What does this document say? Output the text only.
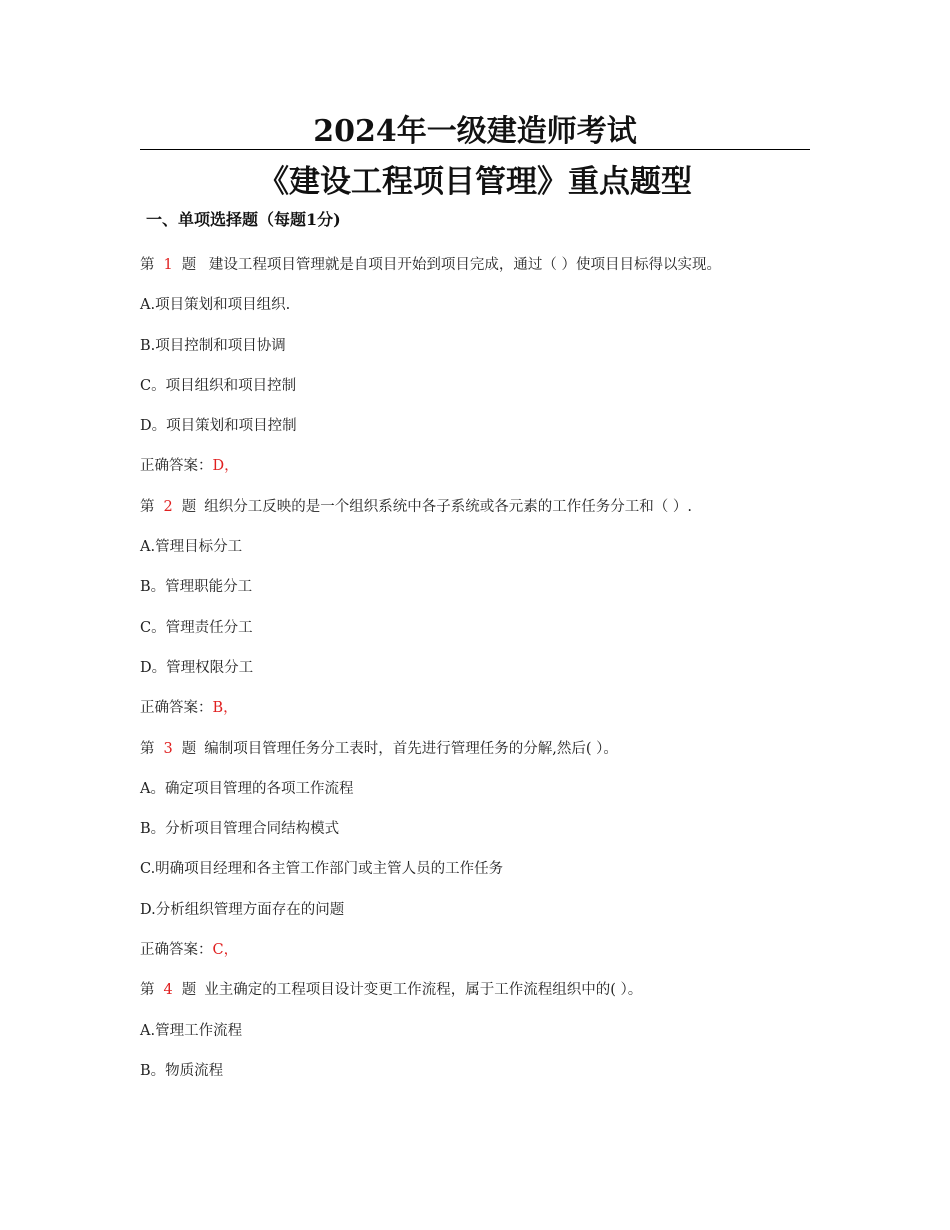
2024年一级建造师考试
《建设工程项目管理》重点题型
一、单项选择题（每题1分)
第 1 题 建设工程项目管理就是自项目开始到项目完成，通过（ ）使项目目标得以实现。
A.项目策划和项目组织.
B.项目控制和项目协调
C。项目组织和项目控制
D。项目策划和项目控制
正确答案：D，
第 2 题 组织分工反映的是一个组织系统中各子系统或各元素的工作任务分工和（ ）.
A.管理目标分工
B。管理职能分工
C。管理责任分工
D。管理权限分工
正确答案：B，
第 3 题 编制项目管理任务分工表时，首先进行管理任务的分解,然后( ）。
A。确定项目管理的各项工作流程
B。分析项目管理合同结构模式
C.明确项目经理和各主管工作部门或主管人员的工作任务
D.分析组织管理方面存在的问题
正确答案：C，
第 4 题 业主确定的工程项目设计变更工作流程，属于工作流程组织中的( ）。
A.管理工作流程
B。物质流程
